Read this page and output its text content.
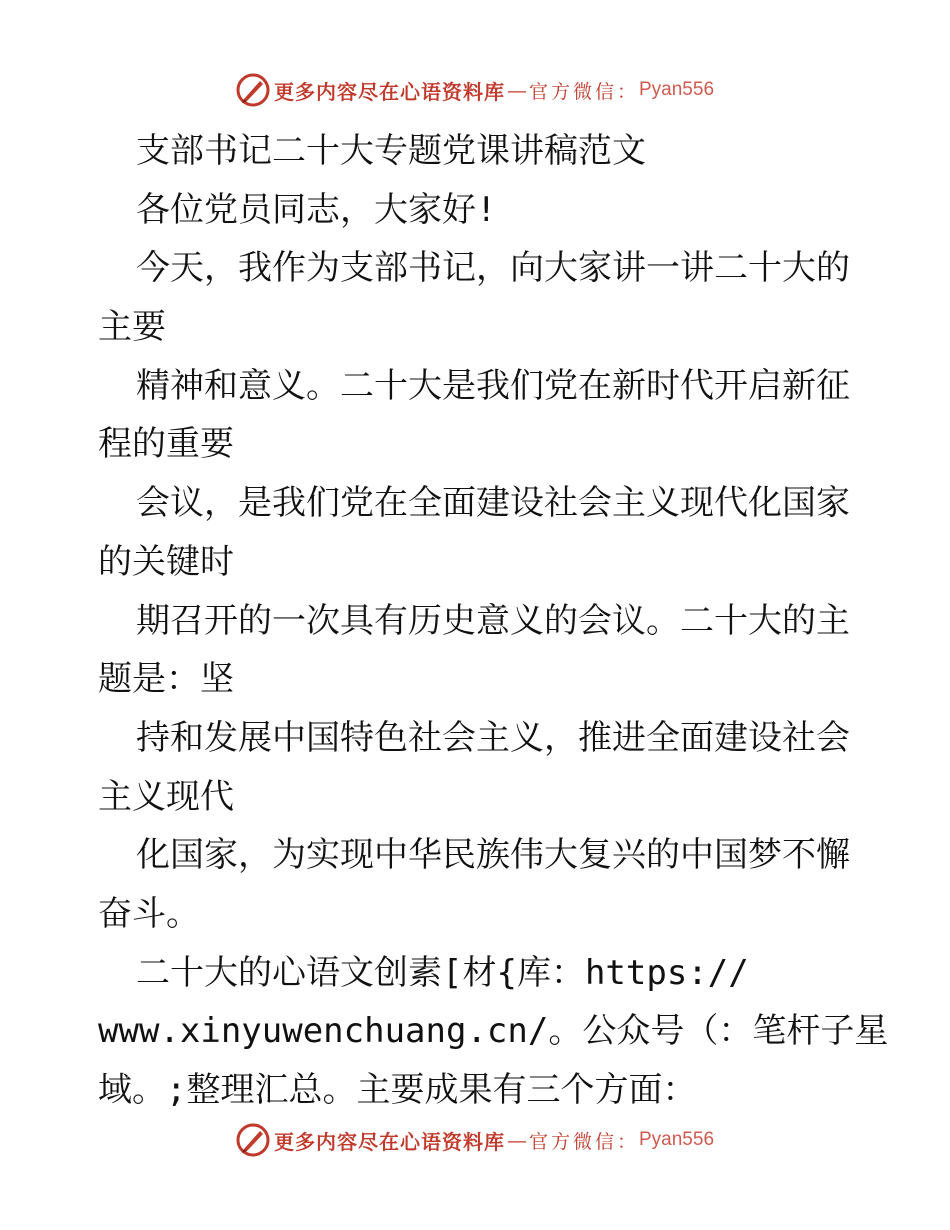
更多内容尽在心语资料库 — 官方微信： Pyan556
支部书记二十大专题党课讲稿范文
各位党员同志，大家好!
今天，我作为支部书记，向大家讲一讲二十大的
主要
精神和意义。二十大是我们党在新时代开启新征
程的重要
会议，是我们党在全面建设社会主义现代化国家
的关键时
期召开的一次具有历史意义的会议。二十大的主
题是：坚
持和发展中国特色社会主义，推进全面建设社会
主义现代
化国家，为实现中华民族伟大复兴的中国梦不懈
奋斗。
二十大的心语文创素[材{库：https://
www.xinyuwenchuang.cn/。公众号（：笔杆子星
域。;整理汇总。主要成果有三个方面：
更多内容尽在心语资料库 — 官方微信： Pyan556
